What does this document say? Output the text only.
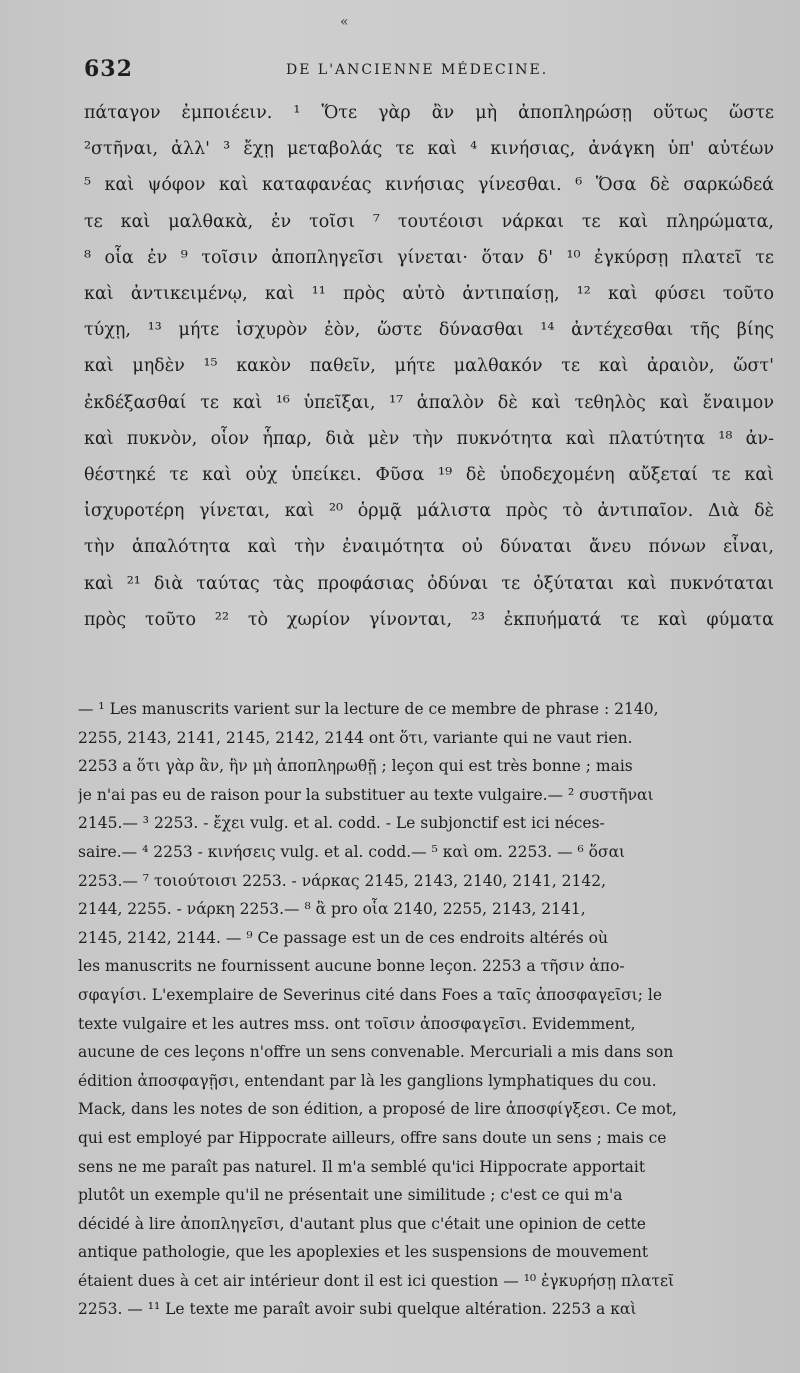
«
632	DE L'ANCIENNE MÉDECINE.
πάταγον ἐμποιέειν. ¹ Ὅτε γὰρ ἂν μὴ ἀποπληρώσῃ οὕτως ὥστε
²στῆναι, ἀλλ' ³ ἔχῃ μεταβολάς τε καὶ ⁴ κινήσιας, ἀνάγκη ὑπ' αὐτέων
⁵ καὶ ψόφον καὶ καταφανέας κινήσιας γίνεσθαι. ⁶ Ὅσα δὲ σαρκώδεά
τε καὶ μαλθακὰ, ἐν τοῖσι ⁷ τουτέοισι νάρκαι τε καὶ πληρώματα,
⁸ οἷα ἐν ⁹ τοῖσιν ἀποπληγεῖσι γίνεται· ὅταν δ' ¹⁰ ἐγκύρσῃ πλατεῖ τε
καὶ ἀντικειμένῳ, καὶ ¹¹ πρὸς αὐτὸ ἀντιπαίσῃ, ¹² καὶ φύσει τοῦτο
τύχῃ, ¹³ μήτε ἰσχυρὸν ἐὸν, ὥστε δύνασθαι ¹⁴ ἀντέχεσθαι τῆς βίης
καὶ μηδὲν ¹⁵ κακὸν παθεῖν, μήτε μαλθακόν τε καὶ ἀραιὸν, ὥστ'
ἐκδέξασθαί τε καὶ ¹⁶ ὑπεῖξαι, ¹⁷ ἁπαλὸν δὲ καὶ τεθηλὸς καὶ ἔναιμον
καὶ πυκνὸν, οἷον ἧπαρ, διὰ μὲν τὴν πυκνότητα καὶ πλατύτητα ¹⁸ ἀν-
θέστηκέ τε καὶ οὐχ ὑπείκει. Φῦσα ¹⁹ δὲ ὑποδεχομένη αὔξεταί τε καὶ
ἰσχυροτέρη γίνεται, καὶ ²⁰ ὁρμᾷ μάλιστα πρὸς τὸ ἀντιπαῖον. Διὰ δὲ
τὴν ἁπαλότητα καὶ τὴν ἐναιμότητα οὐ δύναται ἄνευ πόνων εἶναι,
καὶ ²¹ διὰ ταύτας τὰς προφάσιας ὀδύναι τε ὀξύταται καὶ πυκνόταται
πρὸς τοῦτο ²² τὸ χωρίον γίνονται, ²³ ἐκπυήματά τε καὶ φύματα
— ¹ Les manuscrits varient sur la lecture de ce membre de phrase : 2140,
2255, 2143, 2141, 2145, 2142, 2144 ont ὅτι, variante qui ne vaut rien.
2253 a ὅτι γὰρ ἂν, ἣν μὴ ἀποπληρωθῇ ; leçon qui est très bonne ; mais
je n'ai pas eu de raison pour la substituer au texte vulgaire.— ² συστῆναι
2145.— ³ 2253. - ἔχει vulg. et al. codd. - Le subjonctif est ici néces-
saire.— ⁴ 2253 - κινήσεις vulg. et al. codd.— ⁵ καὶ om. 2253. — ⁶ ὅσαι
2253.— ⁷ τοιούτοισι 2253. - νάρκας 2145, 2143, 2140, 2141, 2142,
2144, 2255. - νάρκη 2253.— ⁸ ἃ pro οἷα 2140, 2255, 2143, 2141,
2145, 2142, 2144. — ⁹ Ce passage est un de ces endroits altérés où
les manuscrits ne fournissent aucune bonne leçon. 2253 a τῆσιν ἀπο-
σφαγίσι. L'exemplaire de Severinus cité dans Foes a ταῖς ἀποσφαγεῖσι; le
texte vulgaire et les autres mss. ont τοῖσιν ἀποσφαγεῖσι. Evidemment,
aucune de ces leçons n'offre un sens convenable. Mercuriali a mis dans son
édition ἀποσφαγῇσι, entendant par là les ganglions lymphatiques du cou.
Mack, dans les notes de son édition, a proposé de lire ἀποσφίγξεσι. Ce mot,
qui est employé par Hippocrate ailleurs, offre sans doute un sens ; mais ce
sens ne me paraît pas naturel. Il m'a semblé qu'ici Hippocrate apportait
plutôt un exemple qu'il ne présentait une similitude ; c'est ce qui m'a
décidé à lire ἀποπληγεῖσι, d'autant plus que c'était une opinion de cette
antique pathologie, que les apoplexies et les suspensions de mouvement
étaient dues à cet air intérieur dont il est ici question — ¹⁰ ἐγκυρήσῃ πλατεῖ
2253. — ¹¹ Le texte me paraît avoir subi quelque altération. 2253 a καὶ
